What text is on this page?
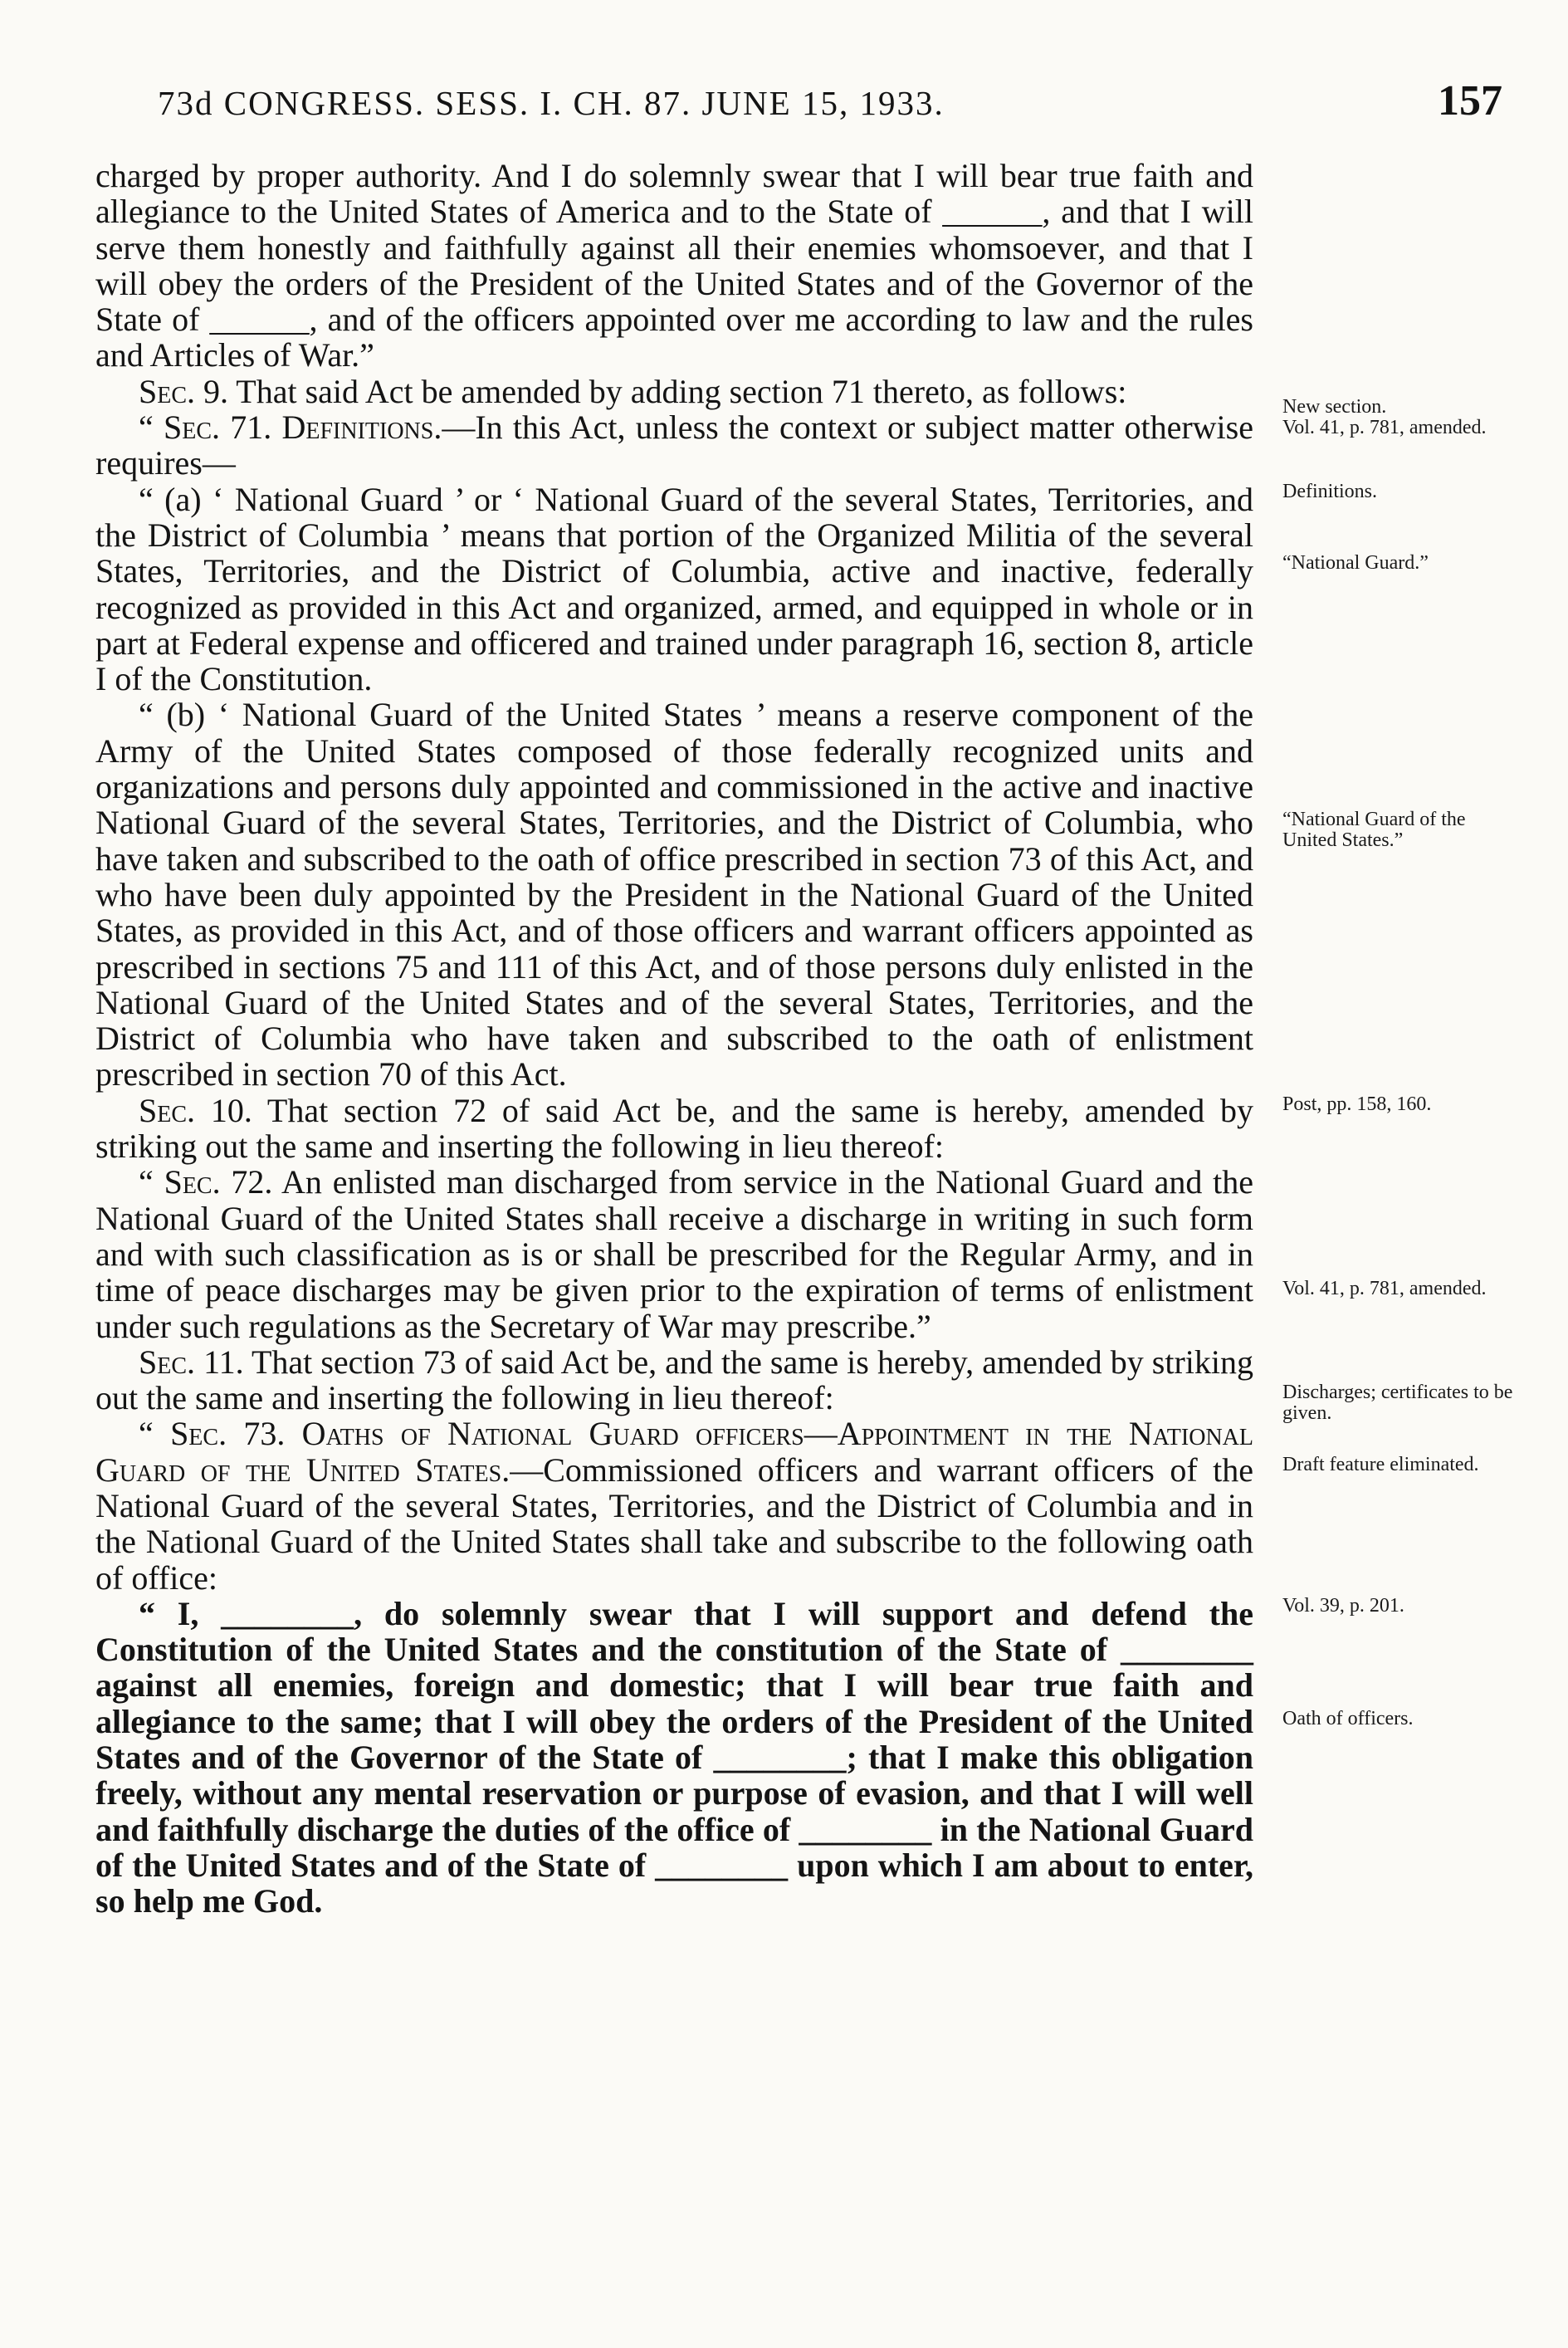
73d CONGRESS. SESS. I. CH. 87. JUNE 15, 1933.	157

charged by proper authority. And I do solemnly swear that I will bear true faith and allegiance to the United States of America and to the State of ______, and that I will serve them honestly and faithfully against all their enemies whomsoever, and that I will obey the orders of the President of the United States and of the Governor of the State of ______, and of the officers appointed over me according to law and the rules and Articles of War.”

Sec. 9. That said Act be amended by adding section 71 thereto, as follows:

“ Sec. 71. Definitions.—In this Act, unless the context or subject matter otherwise requires—

“ (a) ‘ National Guard ’ or ‘ National Guard of the several States, Territories, and the District of Columbia ’ means that portion of the Organized Militia of the several States, Territories, and the District of Columbia, active and inactive, federally recognized as provided in this Act and organized, armed, and equipped in whole or in part at Federal expense and officered and trained under paragraph 16, section 8, article I of the Constitution.

“ (b) ‘ National Guard of the United States ’ means a reserve component of the Army of the United States composed of those federally recognized units and organizations and persons duly appointed and commissioned in the active and inactive National Guard of the several States, Territories, and the District of Columbia, who have taken and subscribed to the oath of office prescribed in section 73 of this Act, and who have been duly appointed by the President in the National Guard of the United States, as provided in this Act, and of those officers and warrant officers appointed as prescribed in sections 75 and 111 of this Act, and of those persons duly enlisted in the National Guard of the United States and of the several States, Territories, and the District of Columbia who have taken and subscribed to the oath of enlistment prescribed in section 70 of this Act.

Sec. 10. That section 72 of said Act be, and the same is hereby, amended by striking out the same and inserting the following in lieu thereof:

“ Sec. 72. An enlisted man discharged from service in the National Guard and the National Guard of the United States shall receive a discharge in writing in such form and with such classification as is or shall be prescribed for the Regular Army, and in time of peace discharges may be given prior to the expiration of terms of enlistment under such regulations as the Secretary of War may prescribe.”

Sec. 11. That section 73 of said Act be, and the same is hereby, amended by striking out the same and inserting the following in lieu thereof:

“ Sec. 73. Oaths of National Guard officers—Appointment in the National Guard of the United States.—Commissioned officers and warrant officers of the National Guard of the several States, Territories, and the District of Columbia and in the National Guard of the United States shall take and subscribe to the following oath of office:

“ I, ________, do solemnly swear that I will support and defend the Constitution of the United States and the constitution of the State of ________ against all enemies, foreign and domestic; that I will bear true faith and allegiance to the same; that I will obey the orders of the President of the United States and of the Governor of the State of ________; that I make this obligation freely, without any mental reservation or purpose of evasion, and that I will well and faithfully discharge the duties of the office of ________ in the National Guard of the United States and of the State of ________ upon which I am about to enter, so help me God.

New section.
Vol. 41, p. 781, amended.
Definitions.
“National Guard.”
“National Guard of the United States.”
Post, pp. 158, 160.
Vol. 41, p. 781, amended.
Discharges; certificates to be given.
Draft feature eliminated.
Vol. 39, p. 201.
Oath of officers.
